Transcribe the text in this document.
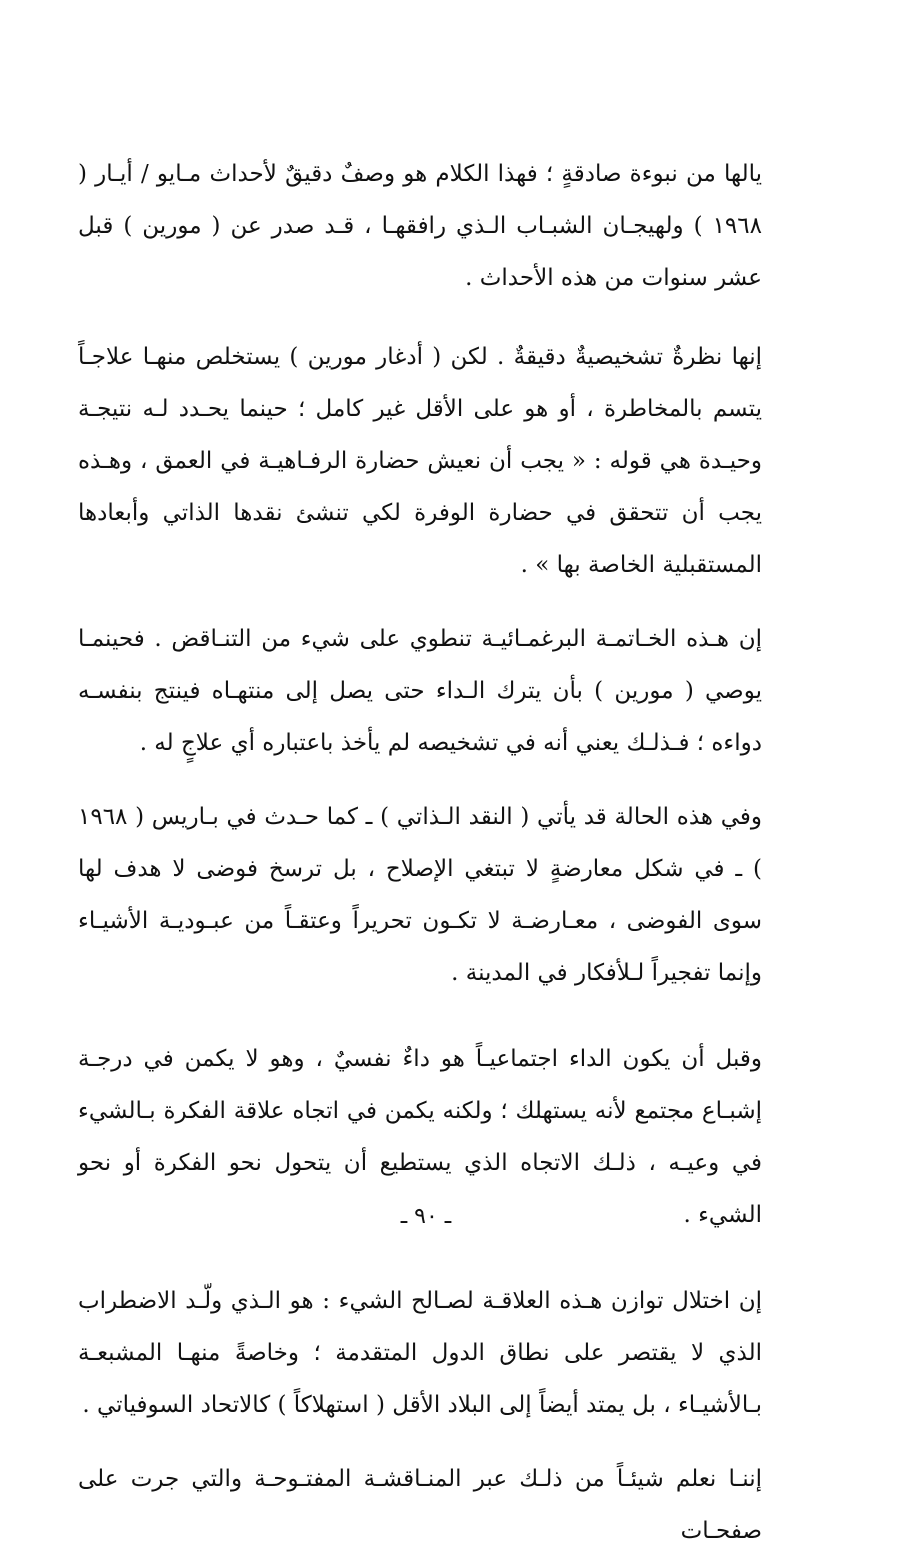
يالها من نبوءة صادقةٍ ؛ فهذا الكلام هو وصفٌ دقيقٌ لأحداث مـايو / أيـار ( ١٩٦٨ ) ولهيجـان الشبـاب الـذي رافقهـا ، قـد صدر عن ( مورين ) قبل عشر سنوات من هذه الأحداث .

إنها نظرةٌ تشخيصيةٌ دقيقةٌ . لكن ( أدغار مورين ) يستخلص منهـا علاجـاً يتسم بالمخاطرة ، أو هو على الأقل غير كامل ؛ حينما يحـدد لـه نتيجـة وحيـدة هي قوله : « يجب أن نعيش حضارة الرفـاهيـة في العمق ، وهـذه يجب أن تتحقق في حضارة الوفرة لكي تنشئ نقدها الذاتي وأبعادها المستقبلية الخاصة بها » .

إن هـذه الخـاتمـة البرغمـائيـة تنطوي على شيء من التنـاقض . فحينمـا يوصي ( مورين ) بأن يترك الـداء حتى يصل إلى منتهـاه فينتج بنفسـه دواءه ؛ فـذلـك يعني أنه في تشخيصه لم يأخذ باعتباره أي علاجٍ له .

وفي هذه الحالة قد يأتي ( النقد الـذاتي ) ـ كما حـدث في بـاريس ( ١٩٦٨ ) ـ في شكل معارضةٍ لا تبتغي الإصلاح ، بل ترسخ فوضى لا هدف لها سوى الفوضى ، معـارضـة لا تكـون تحريراً وعتقـاً من عبـوديـة الأشيـاء وإنما تفجيراً لـلأفكار في المدينة .

وقبل أن يكون الداء اجتماعيـاً هو داءٌ نفسيٌ ، وهو لا يكمن في درجـة إشبـاع مجتمع لأنه يستهلك ؛ ولكنه يكمن في اتجاه علاقة الفكرة بـالشيء في وعيـه ، ذلـك الاتجاه الذي يستطيع أن يتحول نحو الفكرة أو نحو الشيء .

إن اختلال توازن هـذه العلاقـة لصـالح الشيء : هو الـذي ولّـد الاضطراب الذي لا يقتصر على نطاق الدول المتقدمة ؛ وخاصةً منهـا المشبعـة بـالأشيـاء ، بل يمتد أيضاً إلى البلاد الأقل ( استهلاكاً ) كالاتحاد السوفياتي .

إننـا نعلم شيئـاً من ذلـك عبر المنـاقشـة المفتـوحـة والتي جرت على صفحـات

ـ ٩٠ ـ
